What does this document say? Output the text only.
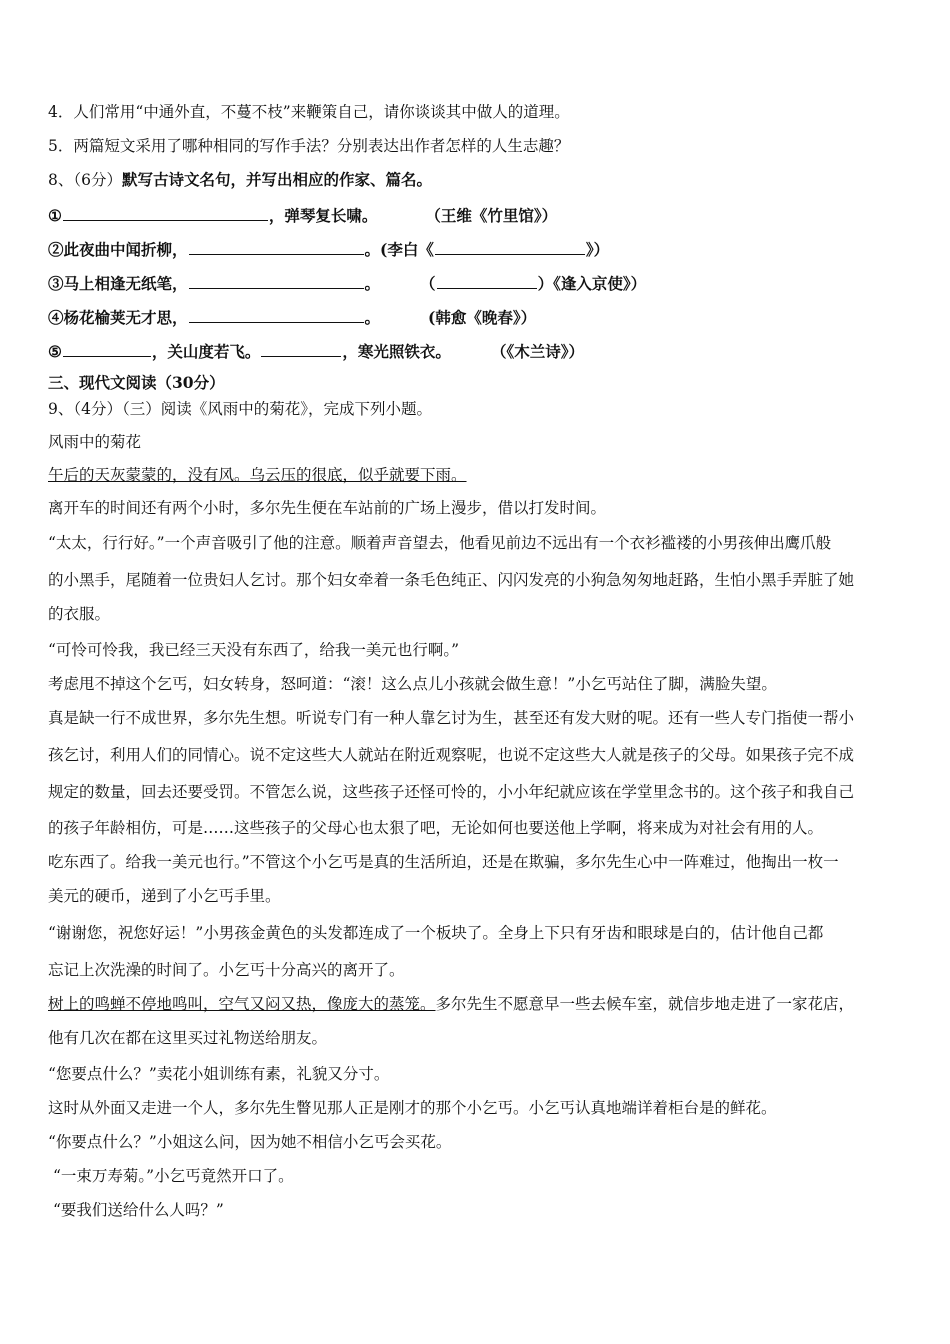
4．人们常用“中通外直，不蔓不枝”来鞭策自己，请你谈谈其中做人的道理。
5．两篇短文采用了哪种相同的写作手法？分别表达出作者怎样的人生志趣？
8、（6分）默写古诗文名句，并写出相应的作家、篇名。
①	，弹琴复长啸。	（王维《竹里馆》）
②此夜曲中闻折柳，	。(李白《	》）
③马上相逢无纸笔，	。	（	）《逢入京使》）
④杨花榆荚无才思，	。	(韩愈《晚春》）
⑤	，关山度若飞。	，寒光照铁衣。	（《木兰诗》）
三、现代文阅读（30分）
9、（4分）（三）阅读《风雨中的菊花》，完成下列小题。
风雨中的菊花
午后的天灰蒙蒙的，没有风。乌云压的很底，似乎就要下雨。
离开车的时间还有两个小时，多尔先生便在车站前的广场上漫步，借以打发时间。
“太太，行行好。”一个声音吸引了他的注意。顺着声音望去，他看见前边不远出有一个衣衫褴褛的小男孩伸出鹰爪般
的小黑手，尾随着一位贵妇人乞讨。那个妇女牵着一条毛色纯正、闪闪发亮的小狗急匆匆地赶路，生怕小黑手弄脏了她
的衣服。
“可怜可怜我，我已经三天没有东西了，给我一美元也行啊。”
考虑甩不掉这个乞丐，妇女转身，怒呵道：“滚！这么点儿小孩就会做生意！”小乞丐站住了脚，满脸失望。
真是缺一行不成世界，多尔先生想。听说专门有一种人靠乞讨为生，甚至还有发大财的呢。还有一些人专门指使一帮小
孩乞讨，利用人们的同情心。说不定这些大人就站在附近观察呢，也说不定这些大人就是孩子的父母。如果孩子完不成
规定的数量，回去还要受罚。不管怎么说，这些孩子还怪可怜的，小小年纪就应该在学堂里念书的。这个孩子和我自己
的孩子年龄相仿，可是……这些孩子的父母心也太狠了吧，无论如何也要送他上学啊，将来成为对社会有用的人。
吃东西了。给我一美元也行。”不管这个小乞丐是真的生活所迫，还是在欺骗，多尔先生心中一阵难过，他掏出一枚一
美元的硬币，递到了小乞丐手里。
“谢谢您，祝您好运！”小男孩金黄色的头发都连成了一个板块了。全身上下只有牙齿和眼球是白的，估计他自己都
忘记上次洗澡的时间了。小乞丐十分高兴的离开了。
树上的鸣蝉不停地鸣叫，空气又闷又热，像庞大的蒸笼。多尔先生不愿意早一些去候车室，就信步地走进了一家花店，
他有几次在都在这里买过礼物送给朋友。
“您要点什么？”卖花小姐训练有素，礼貌又分寸。
这时从外面又走进一个人，多尔先生瞥见那人正是刚才的那个小乞丐。小乞丐认真地端详着柜台是的鲜花。
“你要点什么？”小姐这么问，因为她不相信小乞丐会买花。
“一束万寿菊。”小乞丐竟然开口了。
“要我们送给什么人吗？”
